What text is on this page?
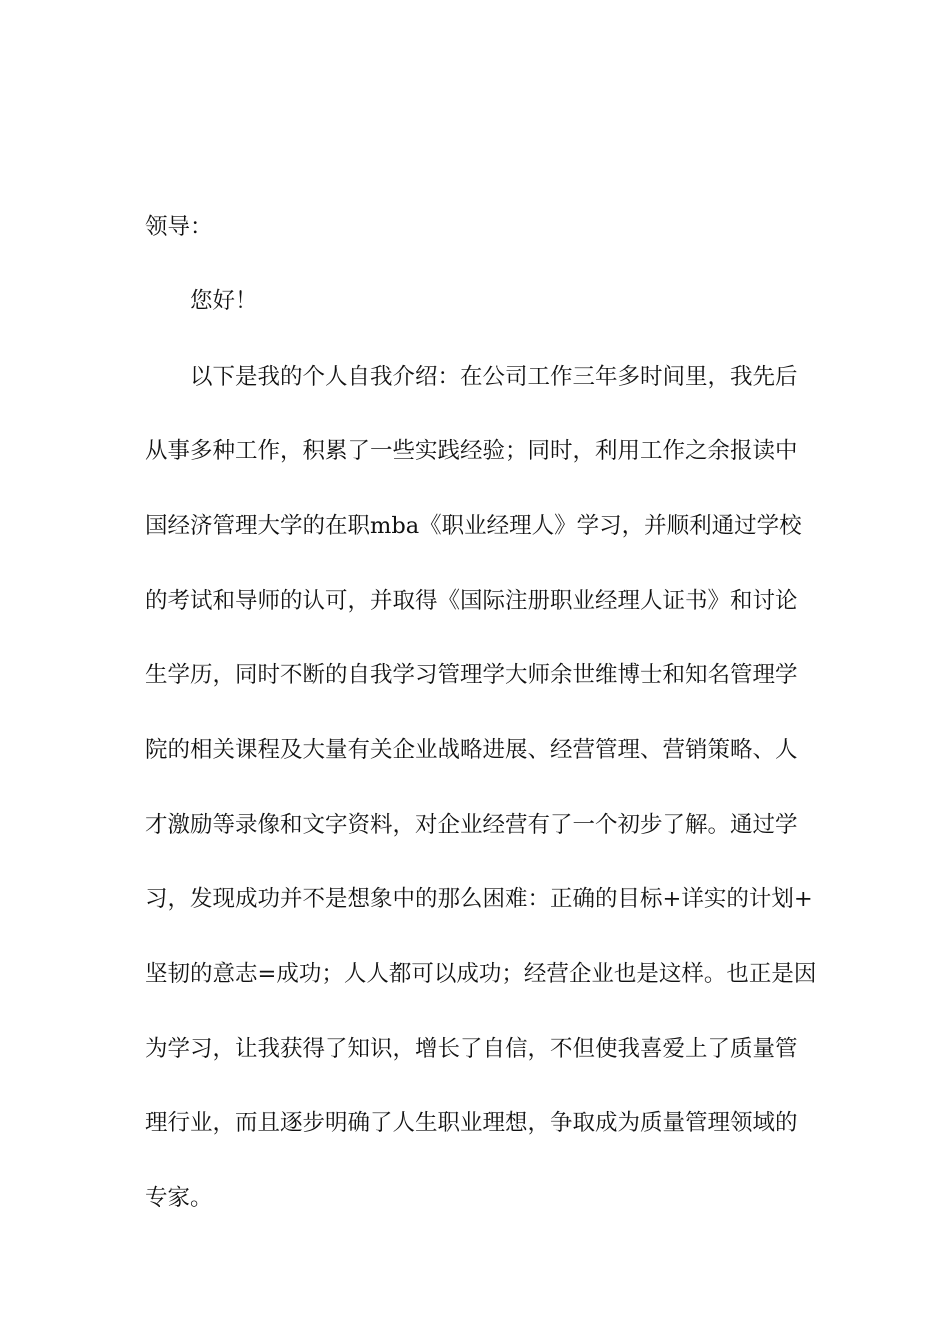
领导：
您好！
以下是我的个人自我介绍：在公司工作三年多时间里，我先后
从事多种工作，积累了一些实践经验；同时，利用工作之余报读中
国经济管理大学的在职mba《职业经理人》学习，并顺利通过学校
的考试和导师的认可，并取得《国际注册职业经理人证书》和讨论
生学历，同时不断的自我学习管理学大师余世维博士和知名管理学
院的相关课程及大量有关企业战略进展、经营管理、营销策略、人
才激励等录像和文字资料，对企业经营有了一个初步了解。通过学
习，发现成功并不是想象中的那么困难：正确的目标+详实的计划+
坚韧的意志=成功；人人都可以成功；经营企业也是这样。也正是因
为学习，让我获得了知识，增长了自信，不但使我喜爱上了质量管
理行业，而且逐步明确了人生职业理想，争取成为质量管理领域的
专家。
